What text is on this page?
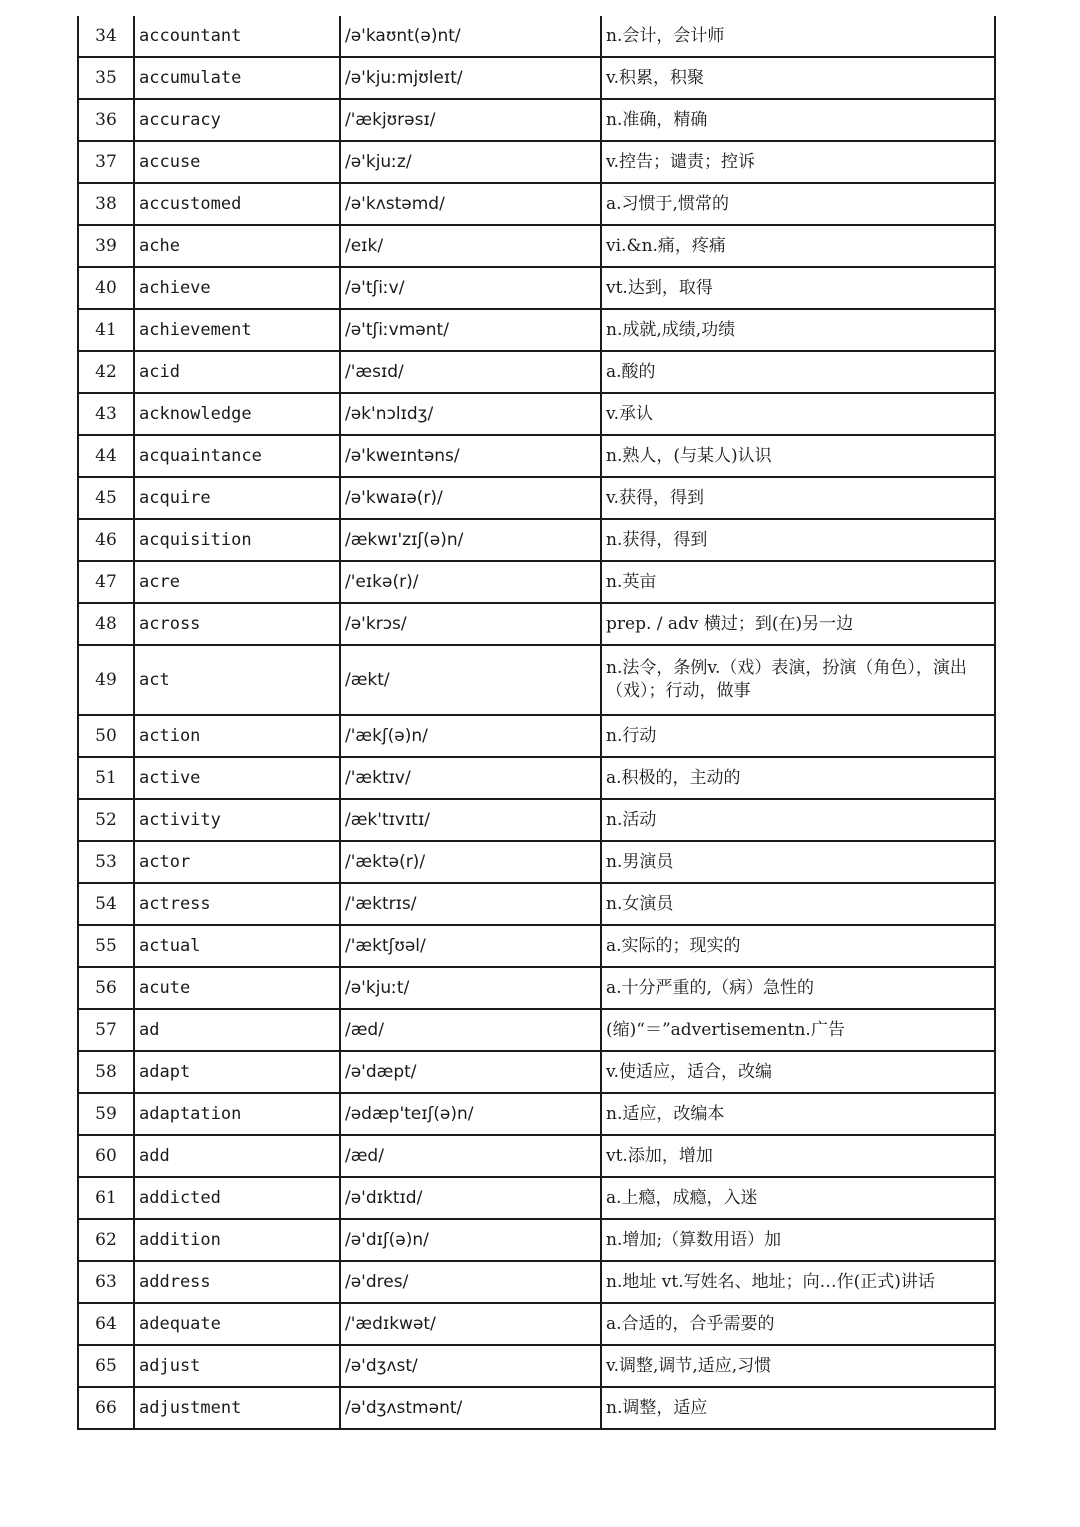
34	accountant	/ə'kaʊnt(ə)nt/	n.会计，会计师
35	accumulate	/ə'kjuːmjʊleɪt/	v.积累，积聚
36	accuracy	/'ækjʊrəsɪ/	n.准确，精确
37	accuse	/ə'kjuːz/	v.控告；谴责；控诉
38	accustomed	/ə'kʌstəmd/	a.习惯于,惯常的
39	ache	/eɪk/	vi.&n.痛，疼痛
40	achieve	/ə'tʃiːv/	vt.达到，取得
41	achievement	/ə'tʃiːvmənt/	n.成就,成绩,功绩
42	acid	/'æsɪd/	a.酸的
43	acknowledge	/ək'nɔlɪdʒ/	v.承认
44	acquaintance	/ə'kweɪntəns/	n.熟人，(与某人)认识
45	acquire	/ə'kwaɪə(r)/	v.获得，得到
46	acquisition	/ækwɪ'zɪʃ(ə)n/	n.获得，得到
47	acre	/'eɪkə(r)/	n.英亩
48	across	/ə'krɔs/	prep. / adv 横过；到(在)另一边
49	act	/ækt/	n.法令，条例v.（戏）表演，扮演（角色），演出（戏）；行动，做事
50	action	/'ækʃ(ə)n/	n.行动
51	active	/'æktɪv/	a.积极的，主动的
52	activity	/æk'tɪvɪtɪ/	n.活动
53	actor	/'æktə(r)/	n.男演员
54	actress	/'æktrɪs/	n.女演员
55	actual	/'æktʃʊəl/	a.实际的；现实的
56	acute	/ə'kjuːt/	a.十分严重的,（病）急性的
57	ad	/æd/	(缩)“＝”advertisementn.广告
58	adapt	/ə'dæpt/	v.使适应，适合，改编
59	adaptation	/ədæp'teɪʃ(ə)n/	n.适应，改编本
60	add	/æd/	vt.添加，增加
61	addicted	/ə'dɪktɪd/	a.上瘾，成瘾，入迷
62	addition	/ə'dɪʃ(ə)n/	n.增加;（算数用语）加
63	address	/ə'dres/	n.地址 vt.写姓名、地址；向…作(正式)讲话
64	adequate	/'ædɪkwət/	a.合适的，合乎需要的
65	adjust	/ə'dʒʌst/	v.调整,调节,适应,习惯
66	adjustment	/ə'dʒʌstmənt/	n.调整，适应
